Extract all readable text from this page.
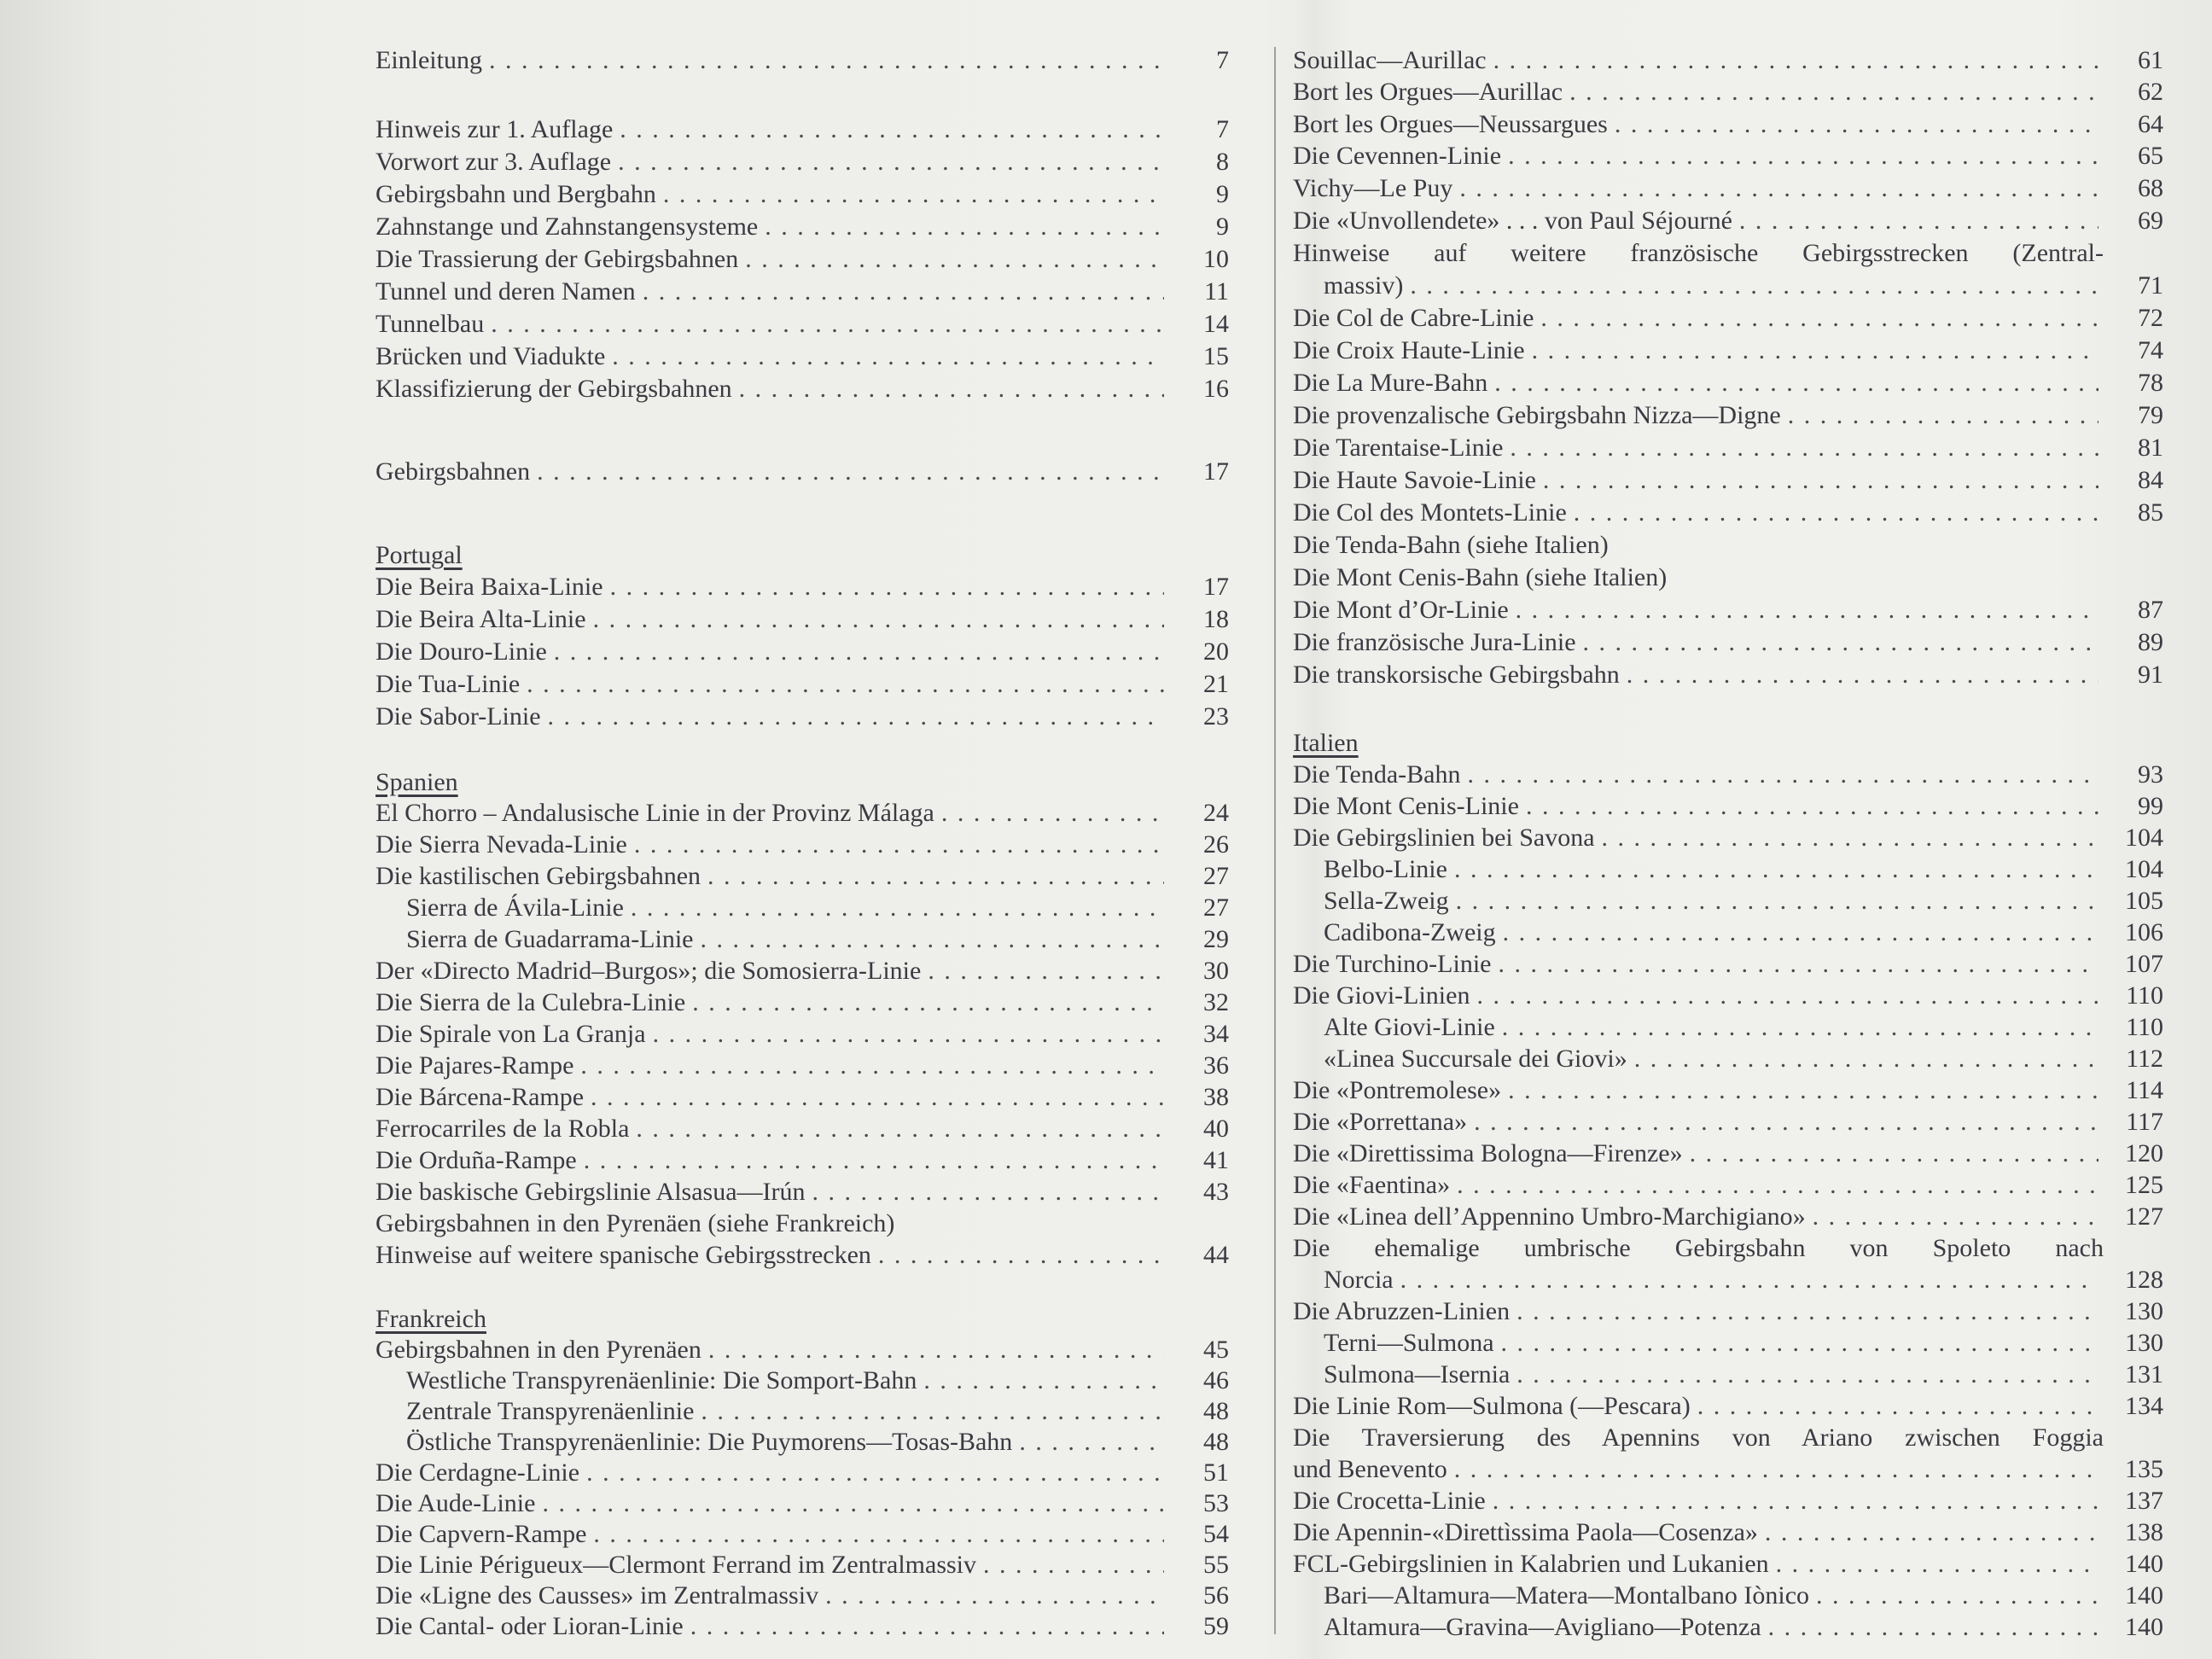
Einleitung . . .	7
Hinweis zur 1. Auflage . . .	7
Vorwort zur 3. Auflage . . .	8
Gebirgsbahn und Bergbahn . . .	9
Zahnstange und Zahnstangensysteme . . .	9
Die Trassierung der Gebirgsbahnen . . .	10
Tunnel und deren Namen . . .	11
Tunnelbau . . .	14
Brücken und Viadukte . . .	15
Klassifizierung der Gebirgsbahnen . . .	16
Gebirgsbahnen . . .	17
Portugal
Die Beira Baixa-Linie . . .	17
Die Beira Alta-Linie . . .	18
Die Douro-Linie . . .	20
Die Tua-Linie . . .	21
Die Sabor-Linie . . .	23
Spanien
El Chorro – Andalusische Linie in der Provinz Málaga . . .	24
Die Sierra Nevada-Linie . . .	26
Die kastilischen Gebirgsbahnen . . .	27
Sierra de Ávila-Linie . . .	27
Sierra de Guadarrama-Linie . . .	29
Der «Directo Madrid–Burgos»; die Somosierra-Linie . . .	30
Die Sierra de la Culebra-Linie . . .	32
Die Spirale von La Granja . . .	34
Die Pajares-Rampe . . .	36
Die Bárcena-Rampe . . .	38
Ferrocarriles de la Robla . . .	40
Die Orduña-Rampe . . .	41
Die baskische Gebirgslinie Alsasua—Irún . . .	43
Gebirgsbahnen in den Pyrenäen (siehe Frankreich)
Hinweise auf weitere spanische Gebirgsstrecken . . .	44
Frankreich
Gebirgsbahnen in den Pyrenäen . . .	45
Westliche Transpyrenäenlinie: Die Somport-Bahn . . .	46
Zentrale Transpyrenäenlinie . . .	48
Östliche Transpyrenäenlinie: Die Puymorens—Tosas-Bahn . . .	48
Die Cerdagne-Linie . . .	51
Die Aude-Linie . . .	53
Die Capvern-Rampe . . .	54
Die Linie Périgueux—Clermont Ferrand im Zentralmassiv . . .	55
Die «Ligne des Causses» im Zentralmassiv . . .	56
Die Cantal- oder Lioran-Linie . . .	59
Souillac—Aurillac . . .	61
Bort les Orgues—Aurillac . . .	62
Bort les Orgues—Neussargues . . .	64
Die Cevennen-Linie . . .	65
Vichy—Le Puy . . .	68
Die «Unvollendete» . . . von Paul Séjourné . . .	69
Hinweise auf weitere französische Gebirgsstrecken (Zentral-
massiv) . . .	71
Die Col de Cabre-Linie . . .	72
Die Croix Haute-Linie . . .	74
Die La Mure-Bahn . . .	78
Die provenzalische Gebirgsbahn Nizza—Digne . . .	79
Die Tarentaise-Linie . . .	81
Die Haute Savoie-Linie . . .	84
Die Col des Montets-Linie . . .	85
Die Tenda-Bahn (siehe Italien)
Die Mont Cenis-Bahn (siehe Italien)
Die Mont d’Or-Linie . . .	87
Die französische Jura-Linie . . .	89
Die transkorsische Gebirgsbahn . . .	91
Italien
Die Tenda-Bahn . . .	93
Die Mont Cenis-Linie . . .	99
Die Gebirgslinien bei Savona . . .	104
Belbo-Linie . . .	104
Sella-Zweig . . .	105
Cadibona-Zweig . . .	106
Die Turchino-Linie . . .	107
Die Giovi-Linien . . .	110
Alte Giovi-Linie . . .	110
«Linea Succursale dei Giovi» . . .	112
Die «Pontremolese» . . .	114
Die «Porrettana» . . .	117
Die «Direttissima Bologna—Firenze» . . .	120
Die «Faentina» . . .	125
Die «Linea dell’Appennino Umbro-Marchigiano» . . .	127
Die ehemalige umbrische Gebirgsbahn von Spoleto nach
Norcia . . .	128
Die Abruzzen-Linien . . .	130
Terni—Sulmona . . .	130
Sulmona—Isernia . . .	131
Die Linie Rom—Sulmona (—Pescara) . . .	134
Die Traversierung des Apennins von Ariano zwischen Foggia
und Benevento . . .	135
Die Crocetta-Linie . . .	137
Die Apennin-«Direttìssima Paola—Cosenza» . . .	138
FCL-Gebirgslinien in Kalabrien und Lukanien . . .	140
Bari—Altamura—Matera—Montalbano Iònico . . .	140
Altamura—Gravina—Avigliano—Potenza . . .	140
